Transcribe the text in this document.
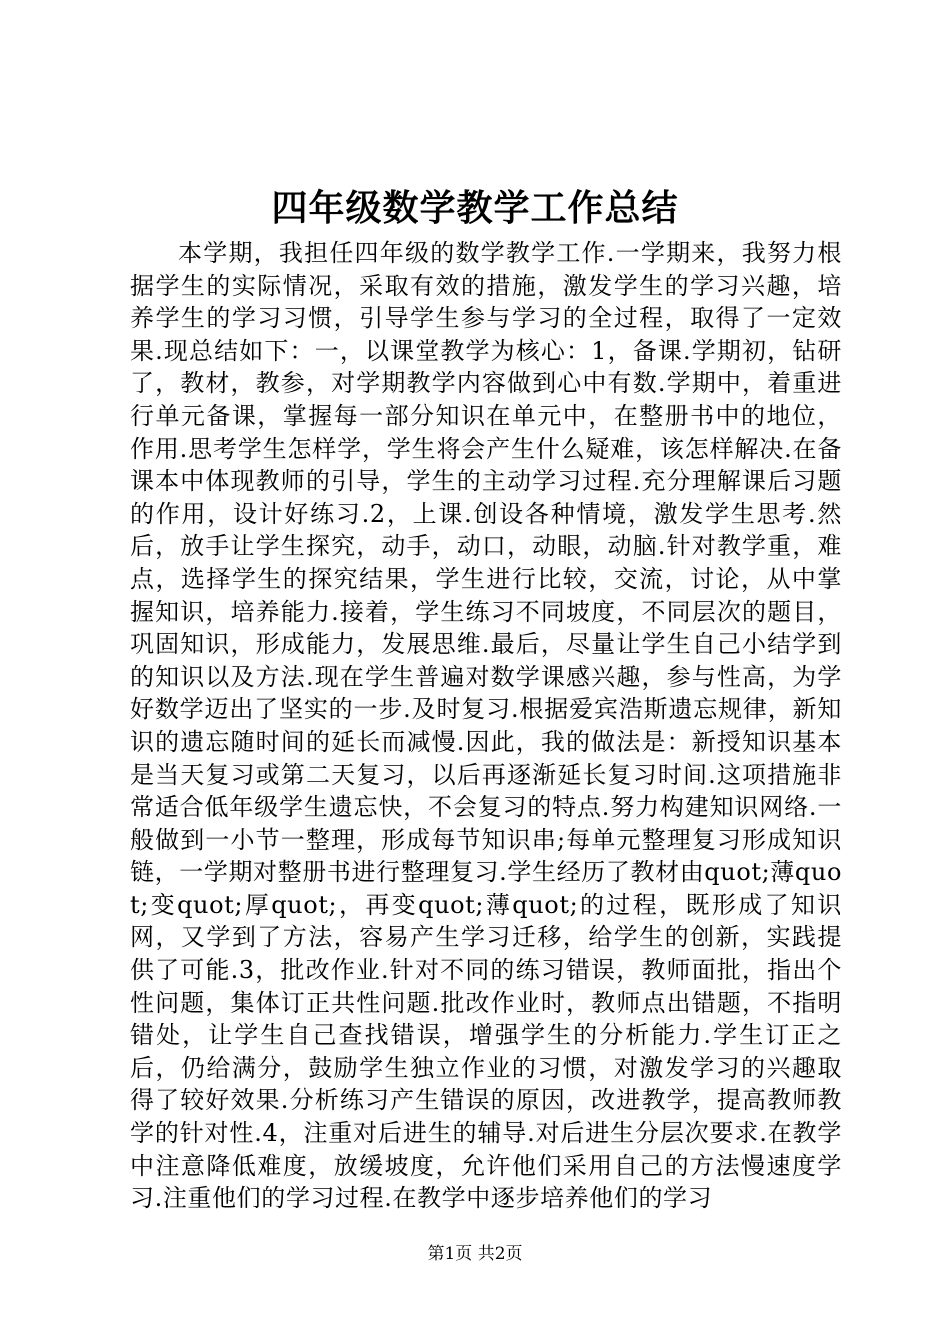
四年级数学教学工作总结

本学期，我担任四年级的数学教学工作.一学期来，我努力根据学生的实际情况，采取有效的措施，激发学生的学习兴趣，培养学生的学习习惯，引导学生参与学习的全过程，取得了一定效果.现总结如下：一，以课堂教学为核心：1，备课.学期初，钻研了，教材，教参，对学期教学内容做到心中有数.学期中，着重进行单元备课，掌握每一部分知识在单元中，在整册书中的地位，作用.思考学生怎样学，学生将会产生什么疑难，该怎样解决.在备课本中体现教师的引导，学生的主动学习过程.充分理解课后习题的作用，设计好练习.2，上课.创设各种情境，激发学生思考.然后，放手让学生探究，动手，动口，动眼，动脑.针对教学重，难点，选择学生的探究结果，学生进行比较，交流，讨论，从中掌握知识，培养能力.接着，学生练习不同坡度，不同层次的题目，巩固知识，形成能力，发展思维.最后，尽量让学生自己小结学到的知识以及方法.现在学生普遍对数学课感兴趣，参与性高，为学好数学迈出了坚实的一步.及时复习.根据爱宾浩斯遗忘规律，新知识的遗忘随时间的延长而减慢.因此，我的做法是：新授知识基本是当天复习或第二天复习，以后再逐渐延长复习时间.这项措施非常适合低年级学生遗忘快，不会复习的特点.努力构建知识网络.一般做到一小节一整理，形成每节知识串;每单元整理复习形成知识链，一学期对整册书进行整理复习.学生经历了教材由quot;薄quot;变quot;厚quot;，再变quot;薄quot;的过程，既形成了知识网，又学到了方法，容易产生学习迁移，给学生的创新，实践提供了可能.3，批改作业.针对不同的练习错误，教师面批，指出个性问题，集体订正共性问题.批改作业时，教师点出错题，不指明错处，让学生自己查找错误，增强学生的分析能力.学生订正之后，仍给满分，鼓励学生独立作业的习惯，对激发学习的兴趣取得了较好效果.分析练习产生错误的原因，改进教学，提高教师教学的针对性.4，注重对后进生的辅导.对后进生分层次要求.在教学中注意降低难度，放缓坡度，允许他们采用自己的方法慢速度学习.注重他们的学习过程.在教学中逐步培养他们的学习

第1页 共2页
